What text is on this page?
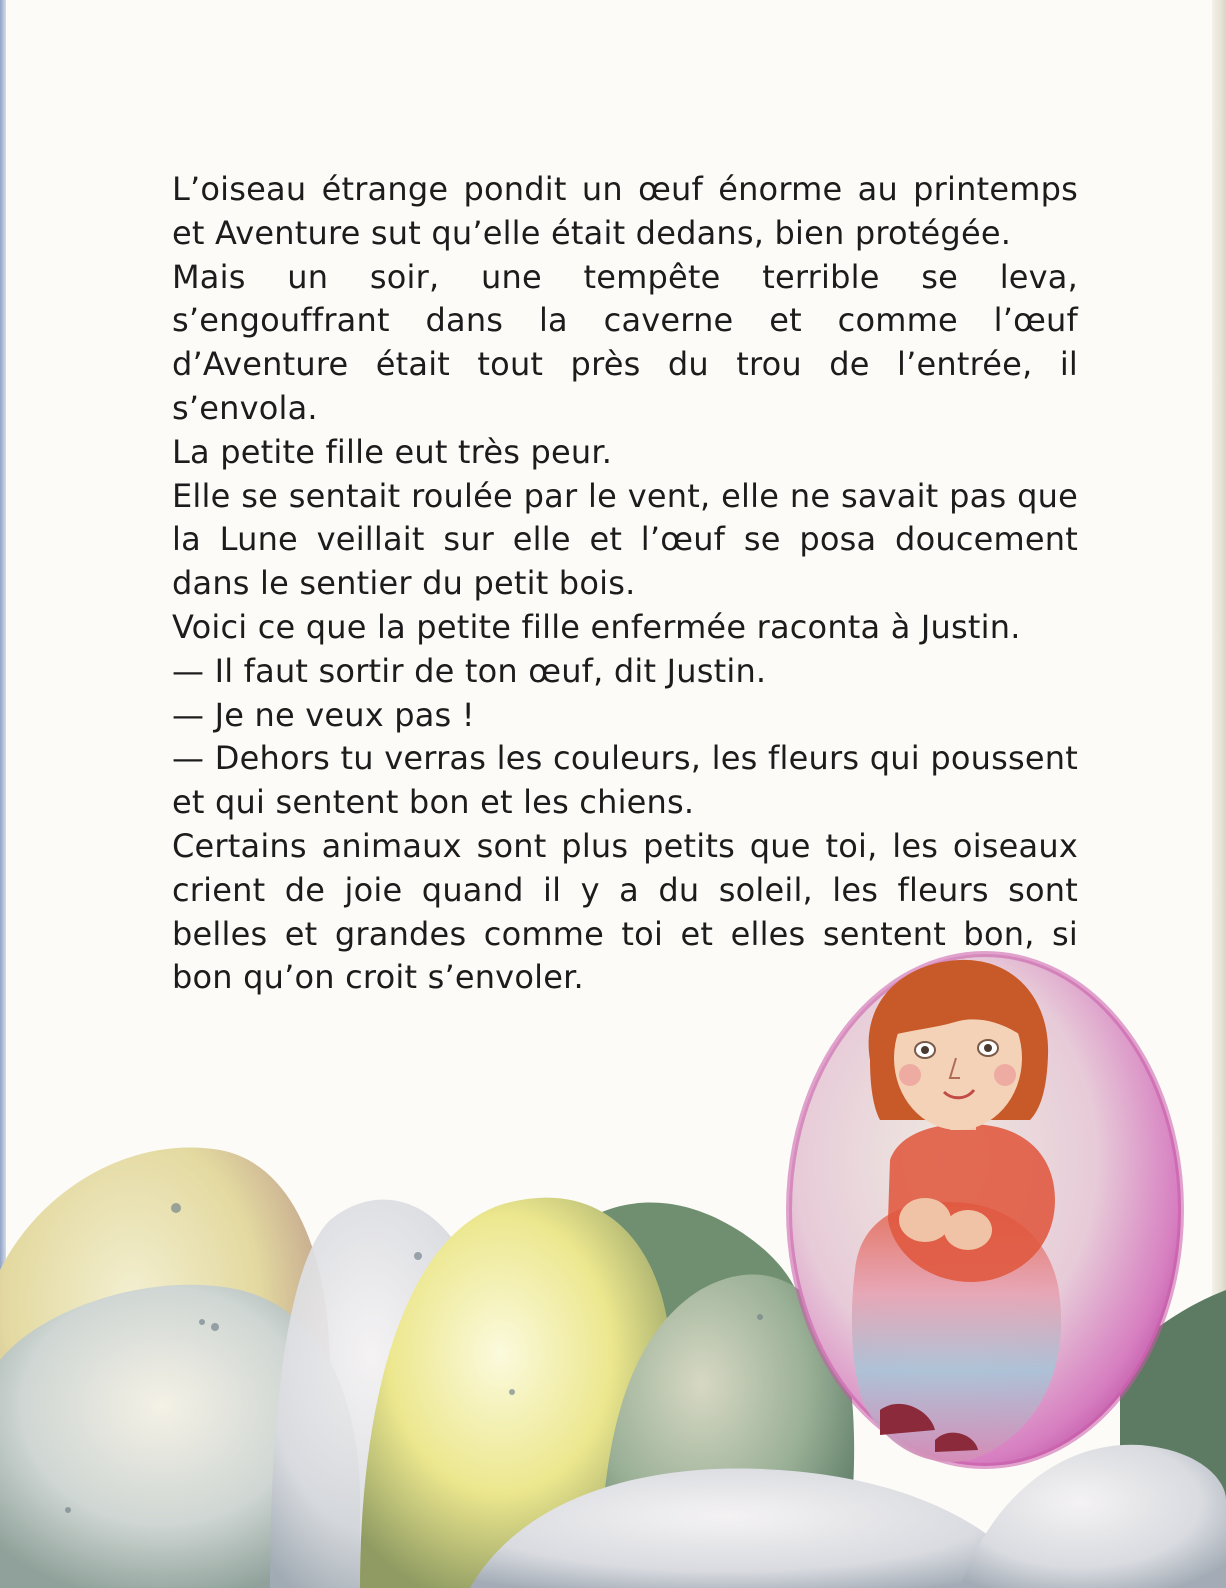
L’oiseau étrange pondit un œuf énorme au printemps et Aventure sut qu’elle était dedans, bien protégée.

Mais un soir, une tempête terrible se leva, s’engouffrant dans la caverne et comme l’œuf d’Aventure était tout près du trou de l’entrée, il s’envola.

La petite fille eut très peur.

Elle se sentait roulée par le vent, elle ne savait pas que la Lune veillait sur elle et l’œuf se posa doucement dans le sentier du petit bois.

Voici ce que la petite fille enfermée raconta à Justin.

— Il faut sortir de ton œuf, dit Justin.

— Je ne veux pas !

— Dehors tu verras les couleurs, les fleurs qui poussent et qui sentent bon et les chiens.

Certains animaux sont plus petits que toi, les oiseaux crient de joie quand il y a du soleil, les fleurs sont belles et grandes comme toi et elles sentent bon, si bon qu’on croit s’envoler.
